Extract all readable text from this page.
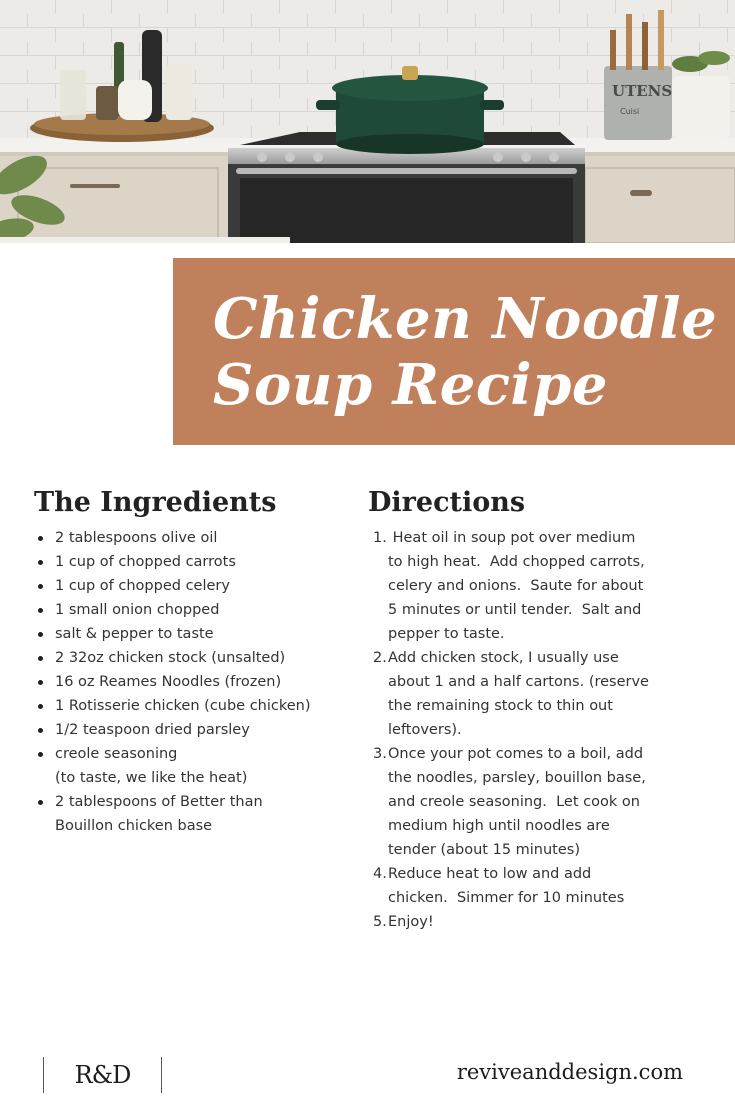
UTENS
Cuisi
Chicken Noodle
Soup Recipe
The Ingredients
2 tablespoons olive oil
1 cup of chopped carrots
1 cup of chopped celery
1 small onion chopped
salt & pepper to taste
2 32oz chicken stock (unsalted)
16 oz Reames Noodles (frozen)
1 Rotisserie chicken (cube chicken)
1/2 teaspoon dried parsley
creole seasoning
(to taste, we like the heat)
2 tablespoons of Better than
Bouillon chicken base
Directions
1. Heat oil in soup pot over medium
to high heat.  Add chopped carrots,
celery and onions.  Saute for about
5 minutes or until tender.  Salt and
pepper to taste.
2. Add chicken stock, I usually use
about 1 and a half cartons. (reserve
the remaining stock to thin out
leftovers).
3. Once your pot comes to a boil, add
the noodles, parsley, bouillon base,
and creole seasoning.  Let cook on
medium high until noodles are
tender (about 15 minutes)
4. Reduce heat to low and add
chicken.  Simmer for 10 minutes
5. Enjoy!
R&D	reviveanddesign.com
